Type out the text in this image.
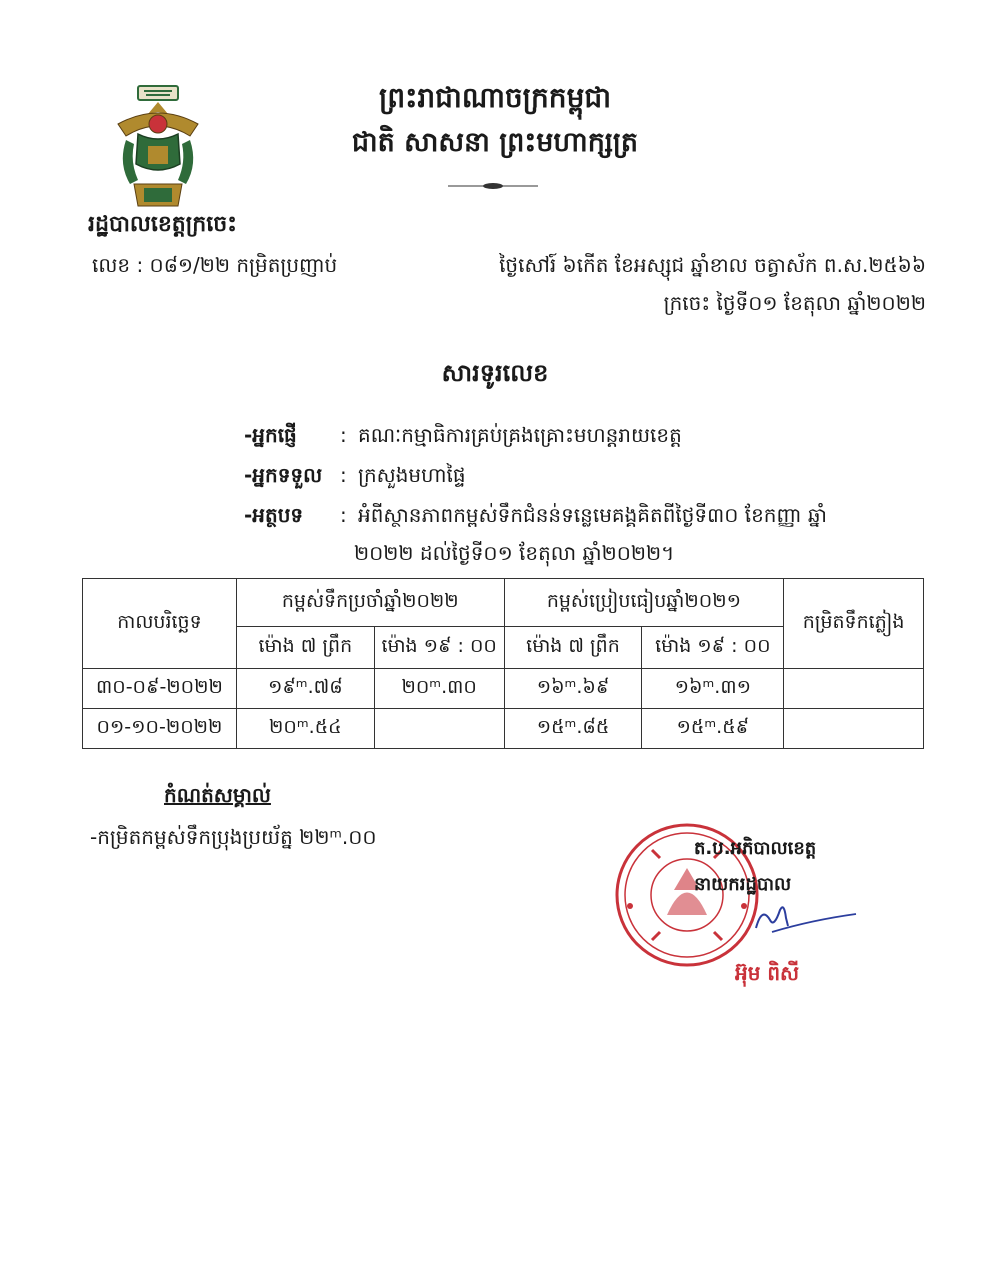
ព្រះរាជាណាចក្រកម្ពុជា
ជាតិ សាសនា ព្រះមហាក្សត្រ
រដ្ឋបាលខេត្តក្រចេះ
លេខ : ០៨១/២២ កម្រិតប្រញាប់	ថ្ងៃសៅរ៍ ៦កើត ខែអស្សុជ ឆ្នាំខាល ចត្វាស័ក ព.ស.២៥៦៦
ក្រចេះ ថ្ងៃទី០១ ខែតុលា ឆ្នាំ២០២២
សារទូរលេខ
-អ្នកផ្ញើ : គណៈកម្មាធិការគ្រប់គ្រងគ្រោះមហន្តរាយខេត្ត
-អ្នកទទួល : ក្រសួងមហាផ្ទៃ
-អត្ថបទ : អំពីស្ថានភាពកម្ពស់ទឹកជំនន់ទន្លេមេគង្គគិតពីថ្ងៃទី៣០ ខែកញ្ញា ឆ្នាំ
២០២២ ដល់ថ្ងៃទី០១ ខែតុលា ឆ្នាំ២០២២។
កាលបរិច្ឆេទ	កម្ពស់ទឹកប្រចាំឆ្នាំ២០២២		កម្ពស់ប្រៀបធៀបឆ្នាំ២០២១		កម្រិតទឹកភ្លៀង
	ម៉ោង ៧ ព្រឹក	ម៉ោង ១៩ : ០០	ម៉ោង ៧ ព្រឹក	ម៉ោង ១៩ : ០០	
៣០-០៩-២០២២	១៩ᵐ.៧៨	២០ᵐ.៣០	១៦ᵐ.៦៩	១៦ᵐ.៣១	
០១-១០-២០២២	២០ᵐ.៥៤		១៥ᵐ.៨៥	១៥ᵐ.៥៩	
កំណត់សម្គាល់
-កម្រិតកម្ពស់ទឹកប្រុងប្រយ័ត្ន ២២ᵐ.០០	ត.ប.អភិបាលខេត្ត
នាយករដ្ឋបាល
អ៊ុម ពិសី
